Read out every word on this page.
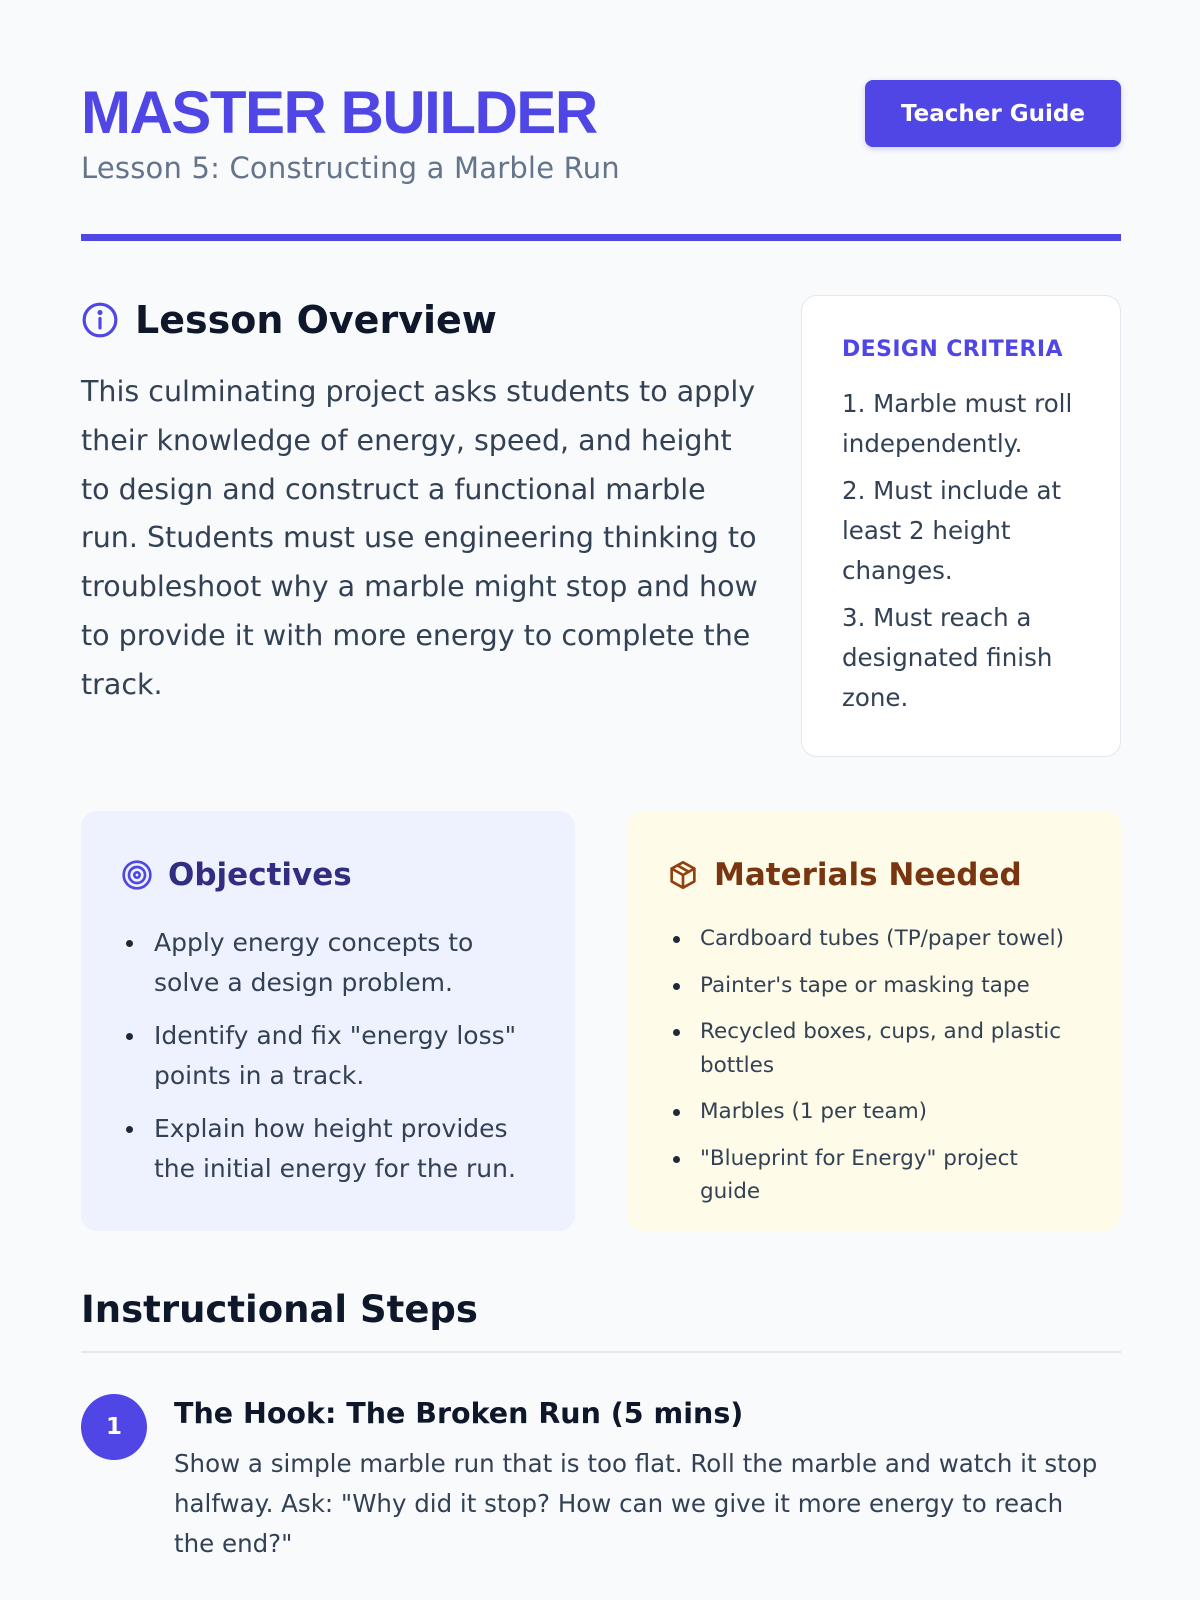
MASTER BUILDER
Lesson 5: Constructing a Marble Run
Teacher Guide
Lesson Overview

This culminating project asks students to apply their knowledge of energy, speed, and height to design and construct a functional marble run. Students must use engineering thinking to troubleshoot why a marble might stop and how to provide it with more energy to complete the track.

DESIGN CRITERIA
1. Marble must roll independently.
2. Must include at least 2 height changes.
3. Must reach a designated finish zone.
Objectives
Apply energy concepts to solve a design problem.
Identify and fix "energy loss" points in a track.
Explain how height provides the initial energy for the run.
Materials Needed
Cardboard tubes (TP/paper towel)
Painter's tape or masking tape
Recycled boxes, cups, and plastic bottles
Marbles (1 per team)
"Blueprint for Energy" project guide
Instructional Steps
1	The Hook: The Broken Run (5 mins)

Show a simple marble run that is too flat. Roll the marble and watch it stop halfway. Ask: "Why did it stop? How can we give it more energy to reach the end?"
